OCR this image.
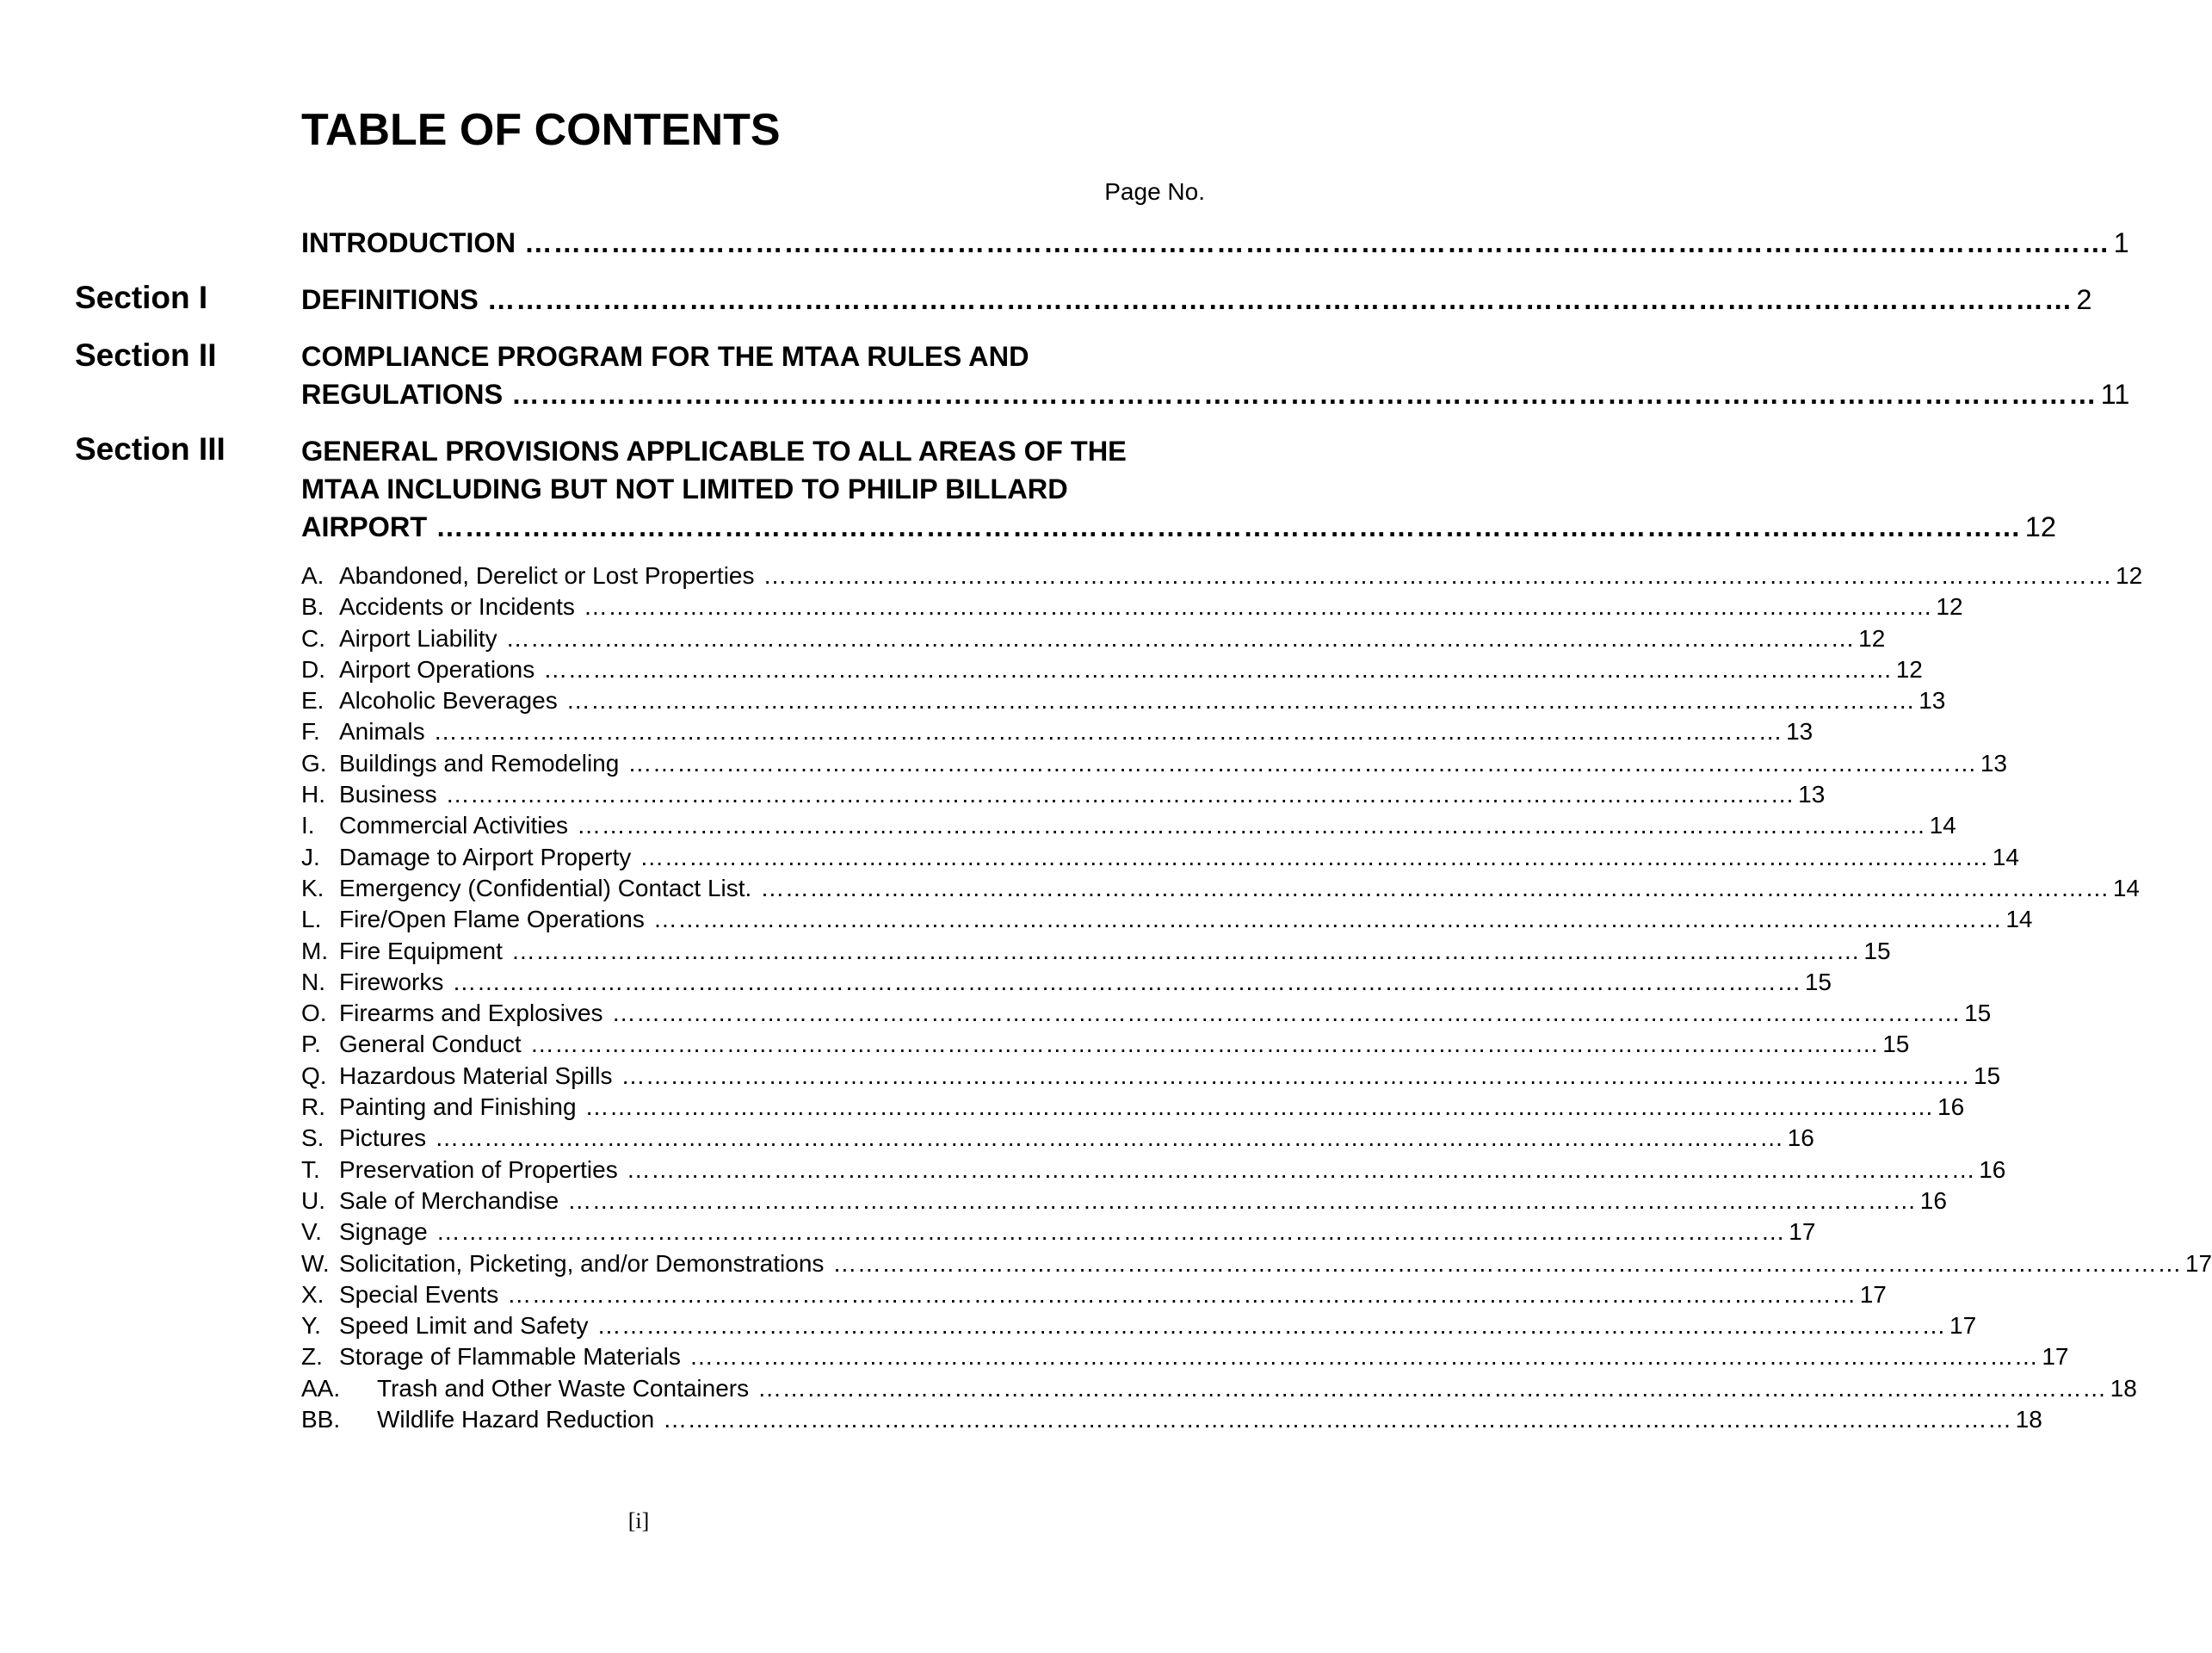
TABLE OF CONTENTS
Page No.
INTRODUCTION ………………………………………………………………………………………………………………………………………………… 1
Section I	DEFINITIONS ………………………………………………………………………………………………………………………………………………… 2
Section II	COMPLIANCE PROGRAM FOR THE MTAA RULES AND
REGULATIONS ………………………………………………………………………………………………………………………………………………… 11
Section III	GENERAL PROVISIONS APPLICABLE TO ALL AREAS OF THE
MTAA INCLUDING BUT NOT LIMITED TO PHILIP BILLARD
AIRPORT ………………………………………………………………………………………………………………………………………………… 12
A. Abandoned, Derelict or Lost Properties ………………………………………………………………………………………………………………………………………………… 12
B. Accidents or Incidents ………………………………………………………………………………………………………………………………………………… 12
C. Airport Liability ………………………………………………………………………………………………………………………………………………… 12
D. Airport Operations ………………………………………………………………………………………………………………………………………………… 12
E. Alcoholic Beverages ………………………………………………………………………………………………………………………………………………… 13
F. Animals ………………………………………………………………………………………………………………………………………………… 13
G. Buildings and Remodeling ………………………………………………………………………………………………………………………………………………… 13
H. Business ………………………………………………………………………………………………………………………………………………… 13
I.	Commercial Activities ………………………………………………………………………………………………………………………………………………… 14
J. Damage to Airport Property ………………………………………………………………………………………………………………………………………………… 14
K. Emergency (Confidential) Contact List. ………………………………………………………………………………………………………………………………………………… 14
L. Fire/Open Flame Operations ………………………………………………………………………………………………………………………………………………… 14
M. Fire Equipment ………………………………………………………………………………………………………………………………………………… 15
N. Fireworks ………………………………………………………………………………………………………………………………………………… 15
O. Firearms and Explosives ………………………………………………………………………………………………………………………………………………… 15
P. General Conduct ………………………………………………………………………………………………………………………………………………… 15
Q. Hazardous Material Spills ………………………………………………………………………………………………………………………………………………… 15
R. Painting and Finishing ………………………………………………………………………………………………………………………………………………… 16
S. Pictures ………………………………………………………………………………………………………………………………………………… 16
T. Preservation of Properties ………………………………………………………………………………………………………………………………………………… 16
U. Sale of Merchandise ………………………………………………………………………………………………………………………………………………… 16
V. Signage ………………………………………………………………………………………………………………………………………………… 17
W. Solicitation, Picketing, and/or Demonstrations ………………………………………………………………………………………………………………………………………………… 17
X. Special Events ………………………………………………………………………………………………………………………………………………… 17
Y. Speed Limit and Safety ………………………………………………………………………………………………………………………………………………… 17
Z. Storage of Flammable Materials ………………………………………………………………………………………………………………………………………………… 17
AA.	Trash and Other Waste Containers ………………………………………………………………………………………………………………………………………………… 18
BB.	Wildlife Hazard Reduction ………………………………………………………………………………………………………………………………………………… 18
[i]
